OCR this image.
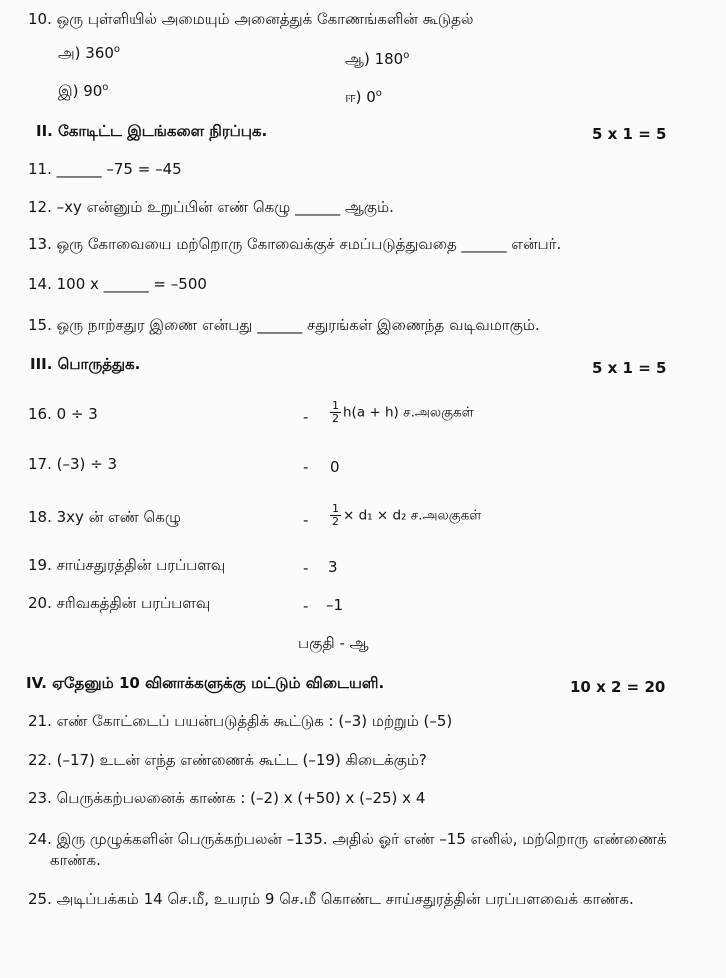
10. ஒரு புள்ளியில் அமையும் அனைத்துக் கோணங்களின் கூடுதல்
அ) 360$^o$
ஆ) 180$^o$
இ) 90$^o$
ஈ) 0$^o$
II. கோடிட்ட இடங்களை நிரப்புக.	5 x 1 = 5
11. ______ –75 = –45
12. –xy என்னும் உறுப்பின் எண் கெழு ______ ஆகும்.
13. ஒரு கோவையை மற்றொரு கோவைக்குச் சமப்படுத்துவதை ______ என்பர்.
14. 100 x ______ = –500
15. ஒரு நாற்சதுர இணை என்பது ______ சதுரங்கள் இணைந்த வடிவமாகும்.
III. பொருத்துக.	5 x 1 = 5
16. 0 ÷ 3	- $\frac{1}{2} h(a + h)$ ச.அலகுகள்
17. (–3) ÷ 3	- 0
18. 3xy ன் எண் கெழு	- $\frac{1}{2} \times d_1 \times d_2$ ச.அலகுகள்
19. சாய்சதுரத்தின் பரப்பளவு	- 3
20. சரிவகத்தின் பரப்பளவு	- –1
பகுதி - ஆ
IV. ஏதேனும் 10 வினாக்களுக்கு மட்டும் விடையளி.	10 x 2 = 20
21. எண் கோட்டைப் பயன்படுத்திக் கூட்டுக : (–3) மற்றும் (–5)
22. (–17) உடன் எந்த எண்ணைக் கூட்ட (–19) கிடைக்கும்?
23. பெருக்கற்பலனைக் காண்க : (–2) x (+50) x (–25) x 4
24. இரு முழுக்களின் பெருக்கற்பலன் –135. அதில் ஓர் எண் –15 எனில், மற்றொரு எண்ணைக்
காண்க.
25. அடிப்பக்கம் 14 செ.மீ, உயரம் 9 செ.மீ கொண்ட சாய்சதுரத்தின் பரப்பளவைக் காண்க.
